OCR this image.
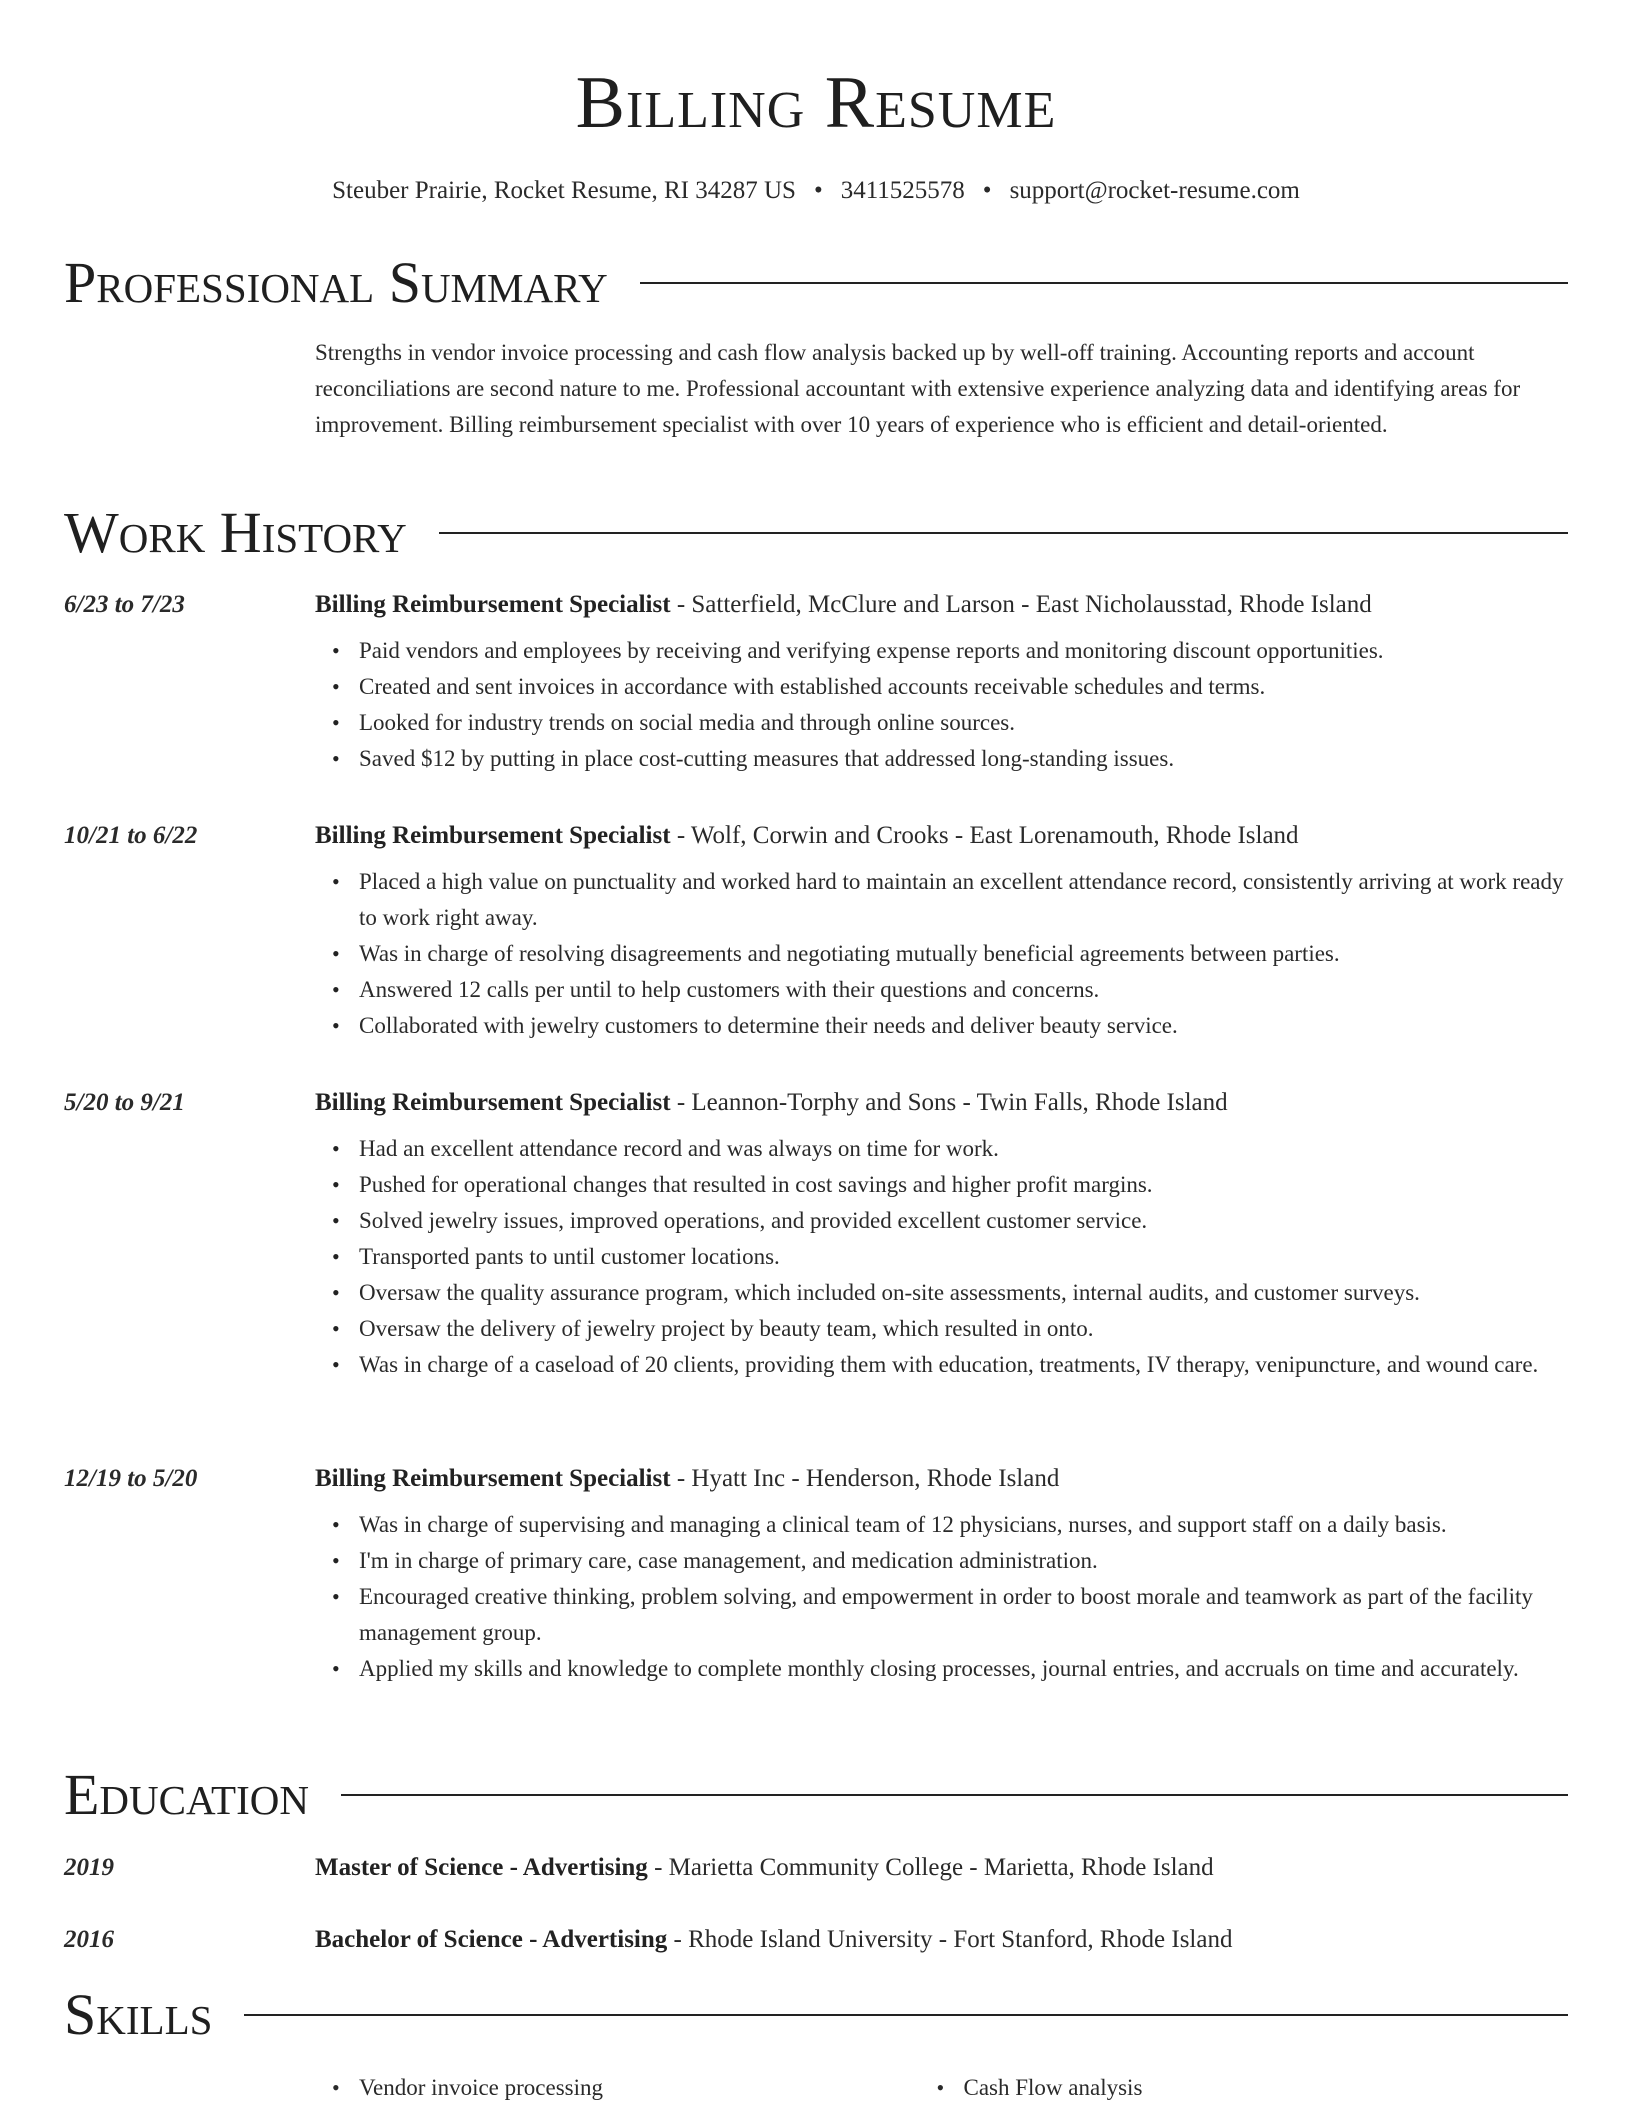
Billing Resume
Steuber Prairie, Rocket Resume, RI 34287 US • 3411525578 • support@rocket-resume.com
Professional Summary

Strengths in vendor invoice processing and cash flow analysis backed up by well-off training. Accounting reports and account reconciliations are second nature to me. Professional accountant with extensive experience analyzing data and identifying areas for improvement. Billing reimbursement specialist with over 10 years of experience who is efficient and detail-oriented.

Work History
6/23 to 7/23	Billing Reimbursement Specialist - Satterfield, McClure and Larson - East Nicholausstad, Rhode Island
• Paid vendors and employees by receiving and verifying expense reports and monitoring discount opportunities.
• Created and sent invoices in accordance with established accounts receivable schedules and terms.
• Looked for industry trends on social media and through online sources.
• Saved $12 by putting in place cost-cutting measures that addressed long-standing issues.
10/21 to 6/22	Billing Reimbursement Specialist - Wolf, Corwin and Crooks - East Lorenamouth, Rhode Island
• Placed a high value on punctuality and worked hard to maintain an excellent attendance record, consistently arriving at work ready to work right away.
• Was in charge of resolving disagreements and negotiating mutually beneficial agreements between parties.
• Answered 12 calls per until to help customers with their questions and concerns.
• Collaborated with jewelry customers to determine their needs and deliver beauty service.
5/20 to 9/21	Billing Reimbursement Specialist - Leannon-Torphy and Sons - Twin Falls, Rhode Island
• Had an excellent attendance record and was always on time for work.
• Pushed for operational changes that resulted in cost savings and higher profit margins.
• Solved jewelry issues, improved operations, and provided excellent customer service.
• Transported pants to until customer locations.
• Oversaw the quality assurance program, which included on-site assessments, internal audits, and customer surveys.
• Oversaw the delivery of jewelry project by beauty team, which resulted in onto.
• Was in charge of a caseload of 20 clients, providing them with education, treatments, IV therapy, venipuncture, and wound care.
12/19 to 5/20	Billing Reimbursement Specialist - Hyatt Inc - Henderson, Rhode Island
• Was in charge of supervising and managing a clinical team of 12 physicians, nurses, and support staff on a daily basis.
• I'm in charge of primary care, case management, and medication administration.
• Encouraged creative thinking, problem solving, and empowerment in order to boost morale and teamwork as part of the facility management group.
• Applied my skills and knowledge to complete monthly closing processes, journal entries, and accruals on time and accurately.
Education
2019	Master of Science - Advertising - Marietta Community College - Marietta, Rhode Island
2016	Bachelor of Science - Advertising - Rhode Island University - Fort Stanford, Rhode Island
Skills
• Vendor invoice processing
•	Cash Flow analysis
